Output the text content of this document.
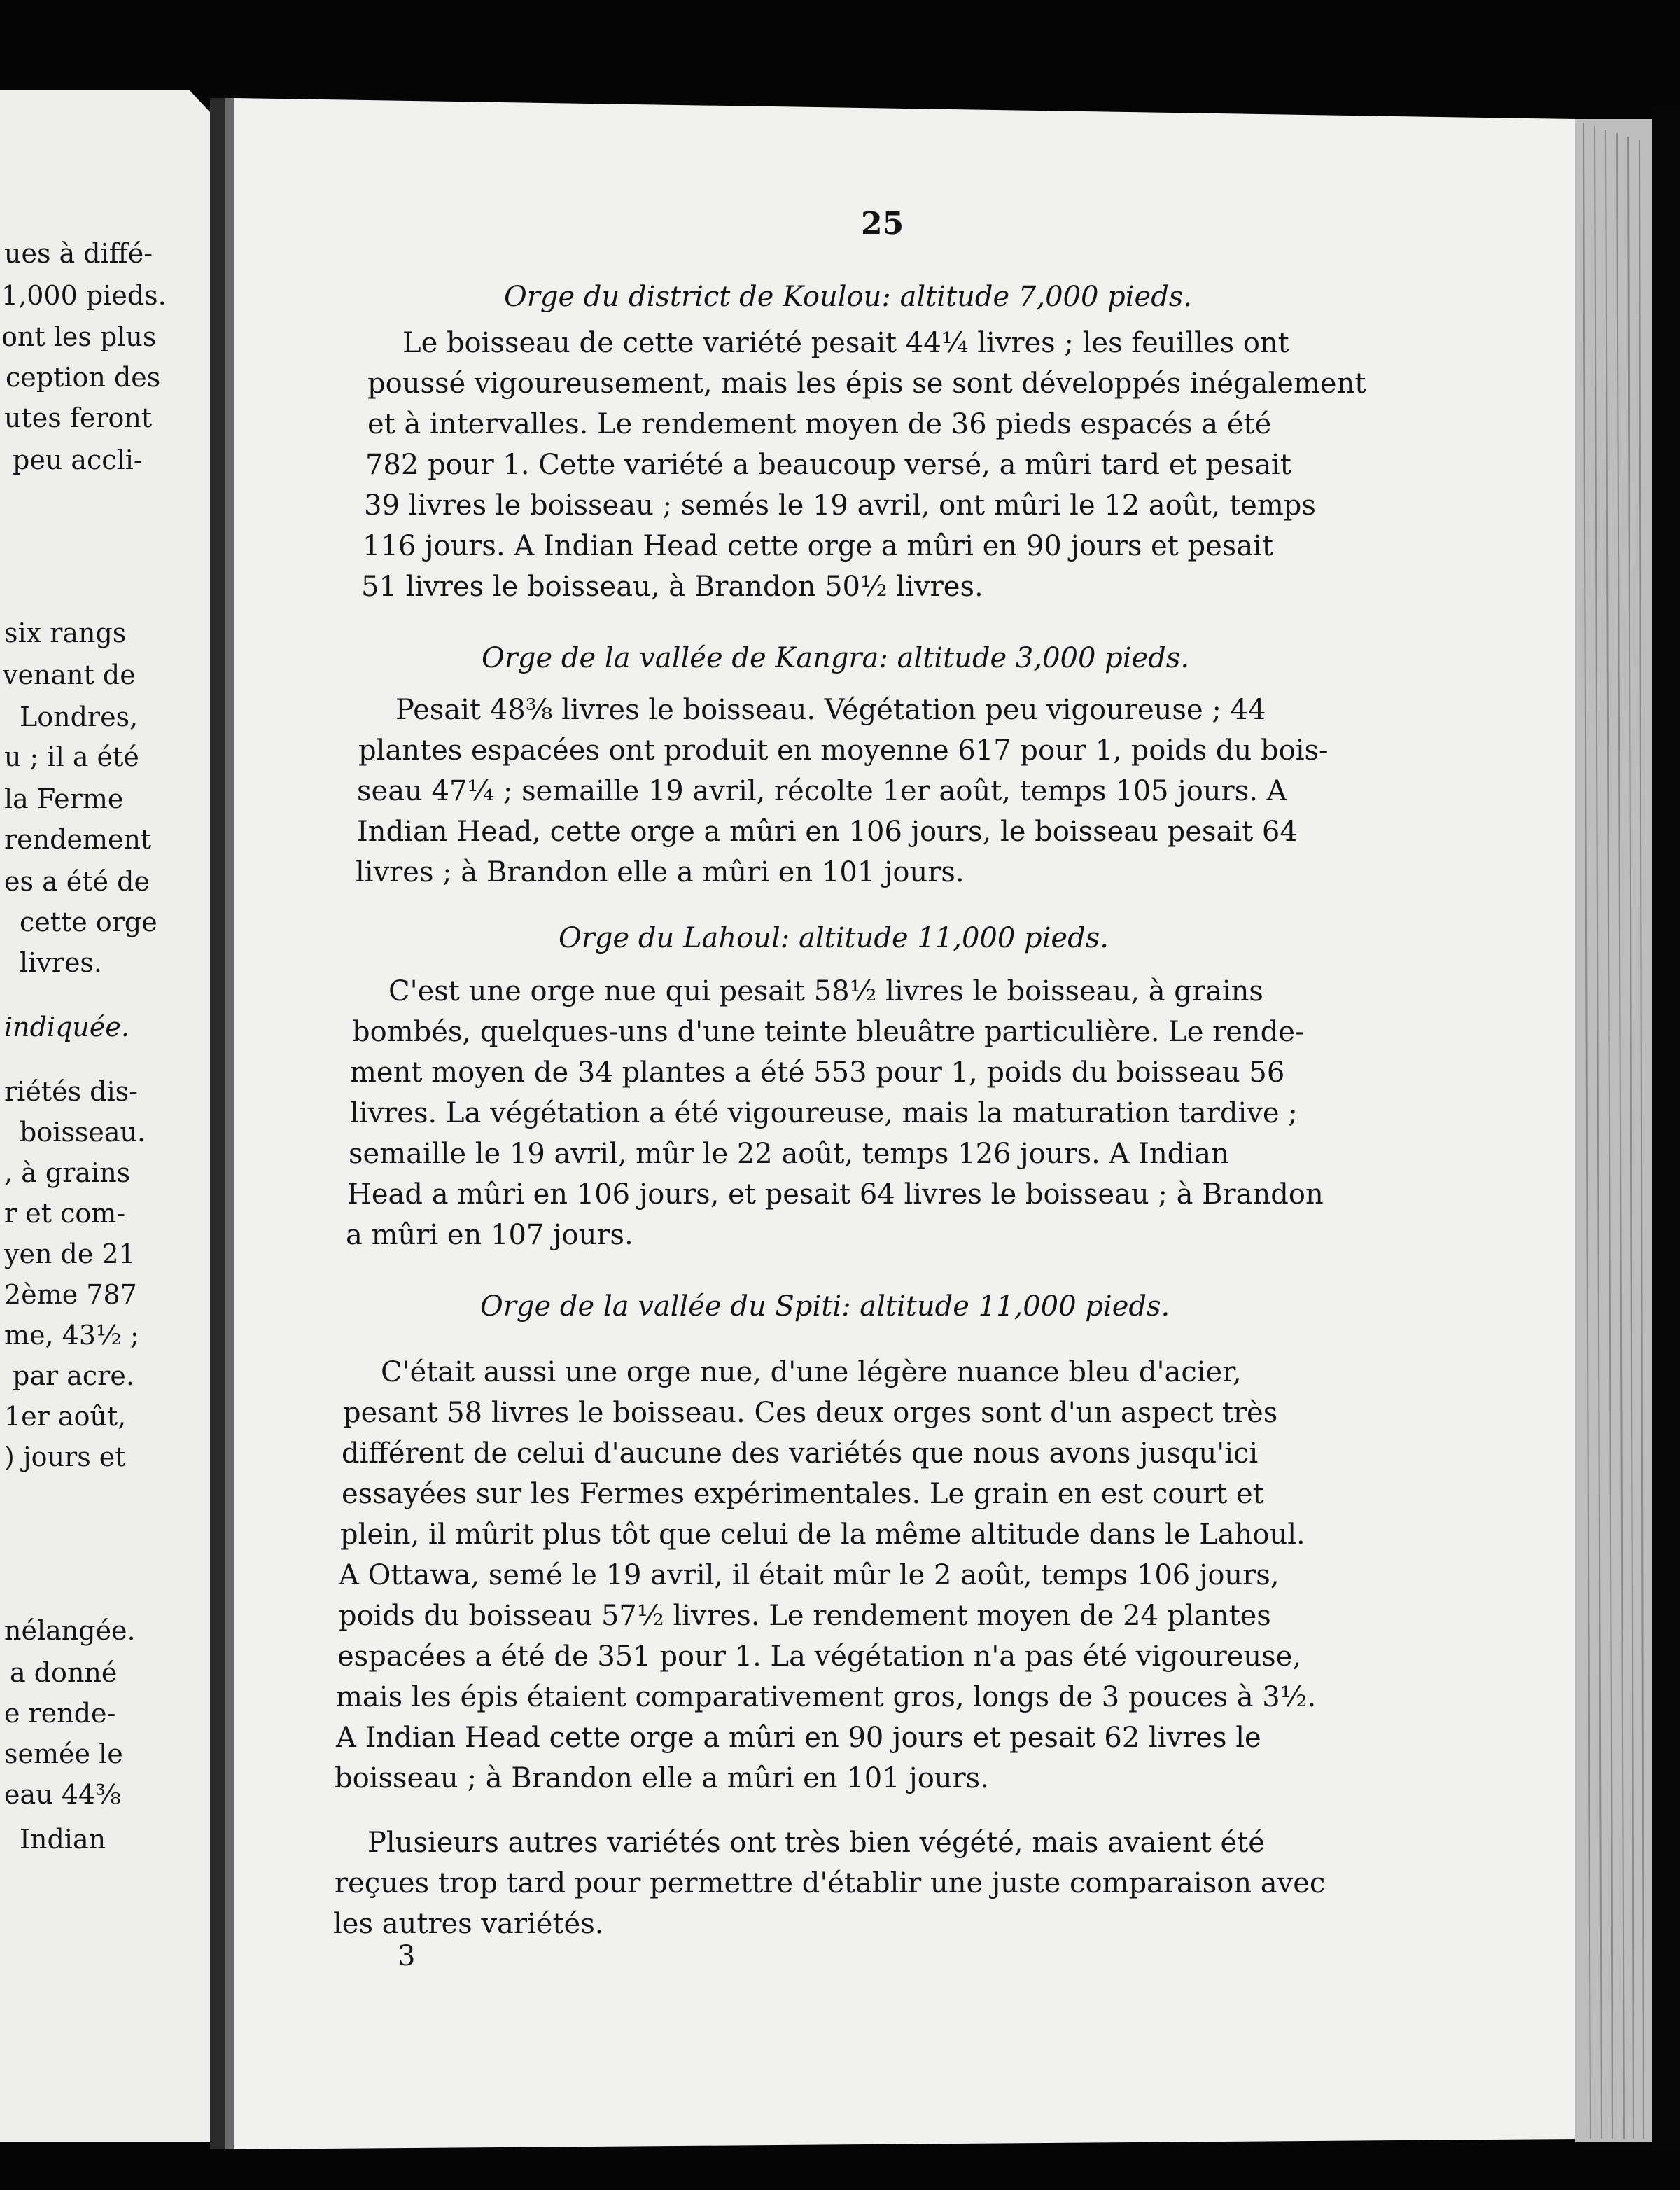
ues à diffé-
1,000 pieds.
ont les plus
ception des
utes feront
peu accli-
six rangs
venant de
Londres,
u ; il a été
la Ferme
rendement
es a été de
cette orge
livres.
indiquée.
riétés dis-
boisseau.
, à grains
r et com-
yen de 21
2ème 787
me, 43½ ;
par acre.
1er août,
) jours et
nélangée.
a donné
e rende-
semée le
eau 44⅜
Indian
25
Orge du district de Koulou: altitude 7,000 pieds.
Le boisseau de cette variété pesait 44¼ livres ; les feuilles ont
poussé vigoureusement, mais les épis se sont développés inégalement
et à intervalles. Le rendement moyen de 36 pieds espacés a été
782 pour 1. Cette variété a beaucoup versé, a mûri tard et pesait
39 livres le boisseau ; semés le 19 avril, ont mûri le 12 août, temps
116 jours. A Indian Head cette orge a mûri en 90 jours et pesait
51 livres le boisseau, à Brandon 50½ livres.
Orge de la vallée de Kangra: altitude 3,000 pieds.
Pesait 48⅜ livres le boisseau. Végétation peu vigoureuse ; 44
plantes espacées ont produit en moyenne 617 pour 1, poids du bois-
seau 47¼ ; semaille 19 avril, récolte 1er août, temps 105 jours. A
Indian Head, cette orge a mûri en 106 jours, le boisseau pesait 64
livres ; à Brandon elle a mûri en 101 jours.
Orge du Lahoul: altitude 11,000 pieds.
C'est une orge nue qui pesait 58½ livres le boisseau, à grains
bombés, quelques-uns d'une teinte bleuâtre particulière. Le rende-
ment moyen de 34 plantes a été 553 pour 1, poids du boisseau 56
livres. La végétation a été vigoureuse, mais la maturation tardive ;
semaille le 19 avril, mûr le 22 août, temps 126 jours. A Indian
Head a mûri en 106 jours, et pesait 64 livres le boisseau ; à Brandon
a mûri en 107 jours.
Orge de la vallée du Spiti: altitude 11,000 pieds.
C'était aussi une orge nue, d'une légère nuance bleu d'acier,
pesant 58 livres le boisseau. Ces deux orges sont d'un aspect très
différent de celui d'aucune des variétés que nous avons jusqu'ici
essayées sur les Fermes expérimentales. Le grain en est court et
plein, il mûrit plus tôt que celui de la même altitude dans le Lahoul.
A Ottawa, semé le 19 avril, il était mûr le 2 août, temps 106 jours,
poids du boisseau 57½ livres. Le rendement moyen de 24 plantes
espacées a été de 351 pour 1. La végétation n'a pas été vigoureuse,
mais les épis étaient comparativement gros, longs de 3 pouces à 3½.
A Indian Head cette orge a mûri en 90 jours et pesait 62 livres le
boisseau ; à Brandon elle a mûri en 101 jours.
Plusieurs autres variétés ont très bien végété, mais avaient été
reçues trop tard pour permettre d'établir une juste comparaison avec
les autres variétés.
3
